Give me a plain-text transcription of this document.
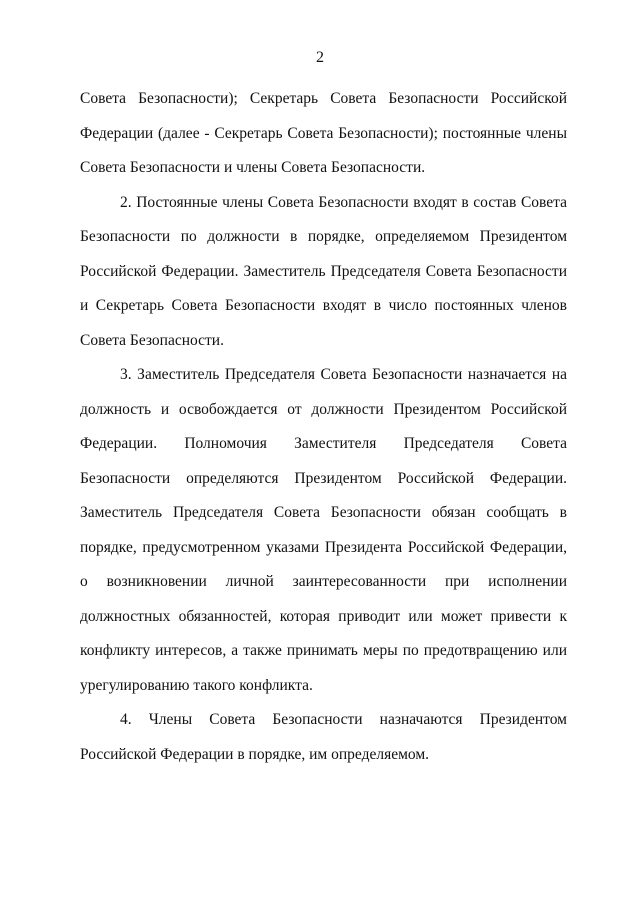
2

Совета Безопасности); Секретарь Совета Безопасности Российской Федерации (далее - Секретарь Совета Безопасности); постоянные члены Совета Безопасности и члены Совета Безопасности.

2. Постоянные члены Совета Безопасности входят в состав Совета Безопасности по должности в порядке, определяемом Президентом Российской Федерации. Заместитель Председателя Совета Безопасности и Секретарь Совета Безопасности входят в число постоянных членов Совета Безопасности.

3. Заместитель Председателя Совета Безопасности назначается на должность и освобождается от должности Президентом Российской Федерации. Полномочия Заместителя Председателя Совета Безопасности определяются Президентом Российской Федерации. Заместитель Председателя Совета Безопасности обязан сообщать в порядке, предусмотренном указами Президента Российской Федерации, о возникновении личной заинтересованности при исполнении должностных обязанностей, которая приводит или может привести к конфликту интересов, а также принимать меры по предотвращению или урегулированию такого конфликта.

4. Члены Совета Безопасности назначаются Президентом Российской Федерации в порядке, им определяемом.
